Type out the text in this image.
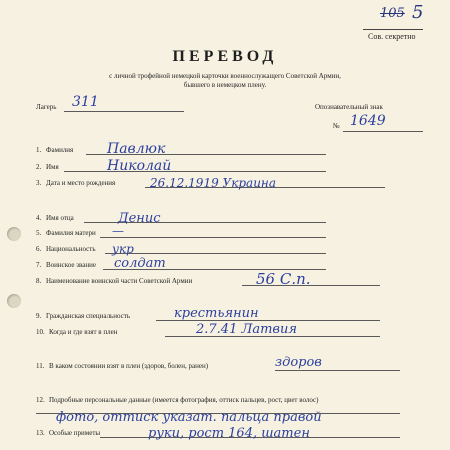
105 5
Сов. секретно
ПЕРЕВОД
с личной трофейной немецкой карточки военнослужащего Советской Армии,
бывшего в немецком плену.
Лагерь 311	Опознавательный знак
№ 1649
1. Фамилия Павлюк
2. Имя	Николай
3. Дата и место рождения	26.12.1919 Украина
4. Имя отца	Денис
5. Фамилия матери —
6. Национальность укр
7. Воинское звание солдат
8. Наименование воинской части Советской Армии	56 С.п.
9. Гражданская специальность	крестьянин
10. Когда и где взят в плен	2.7.41 Латвия
11. В каком состоянии взят в плен (здоров, болен, ранен)	здоров
12. Подробные персональные данные (имеется фотография, оттиск пальцев, рост, цвет волос)
фото, оттиск указат. пальца правой
13. Особые приметы	руки, рост 164, шатен
